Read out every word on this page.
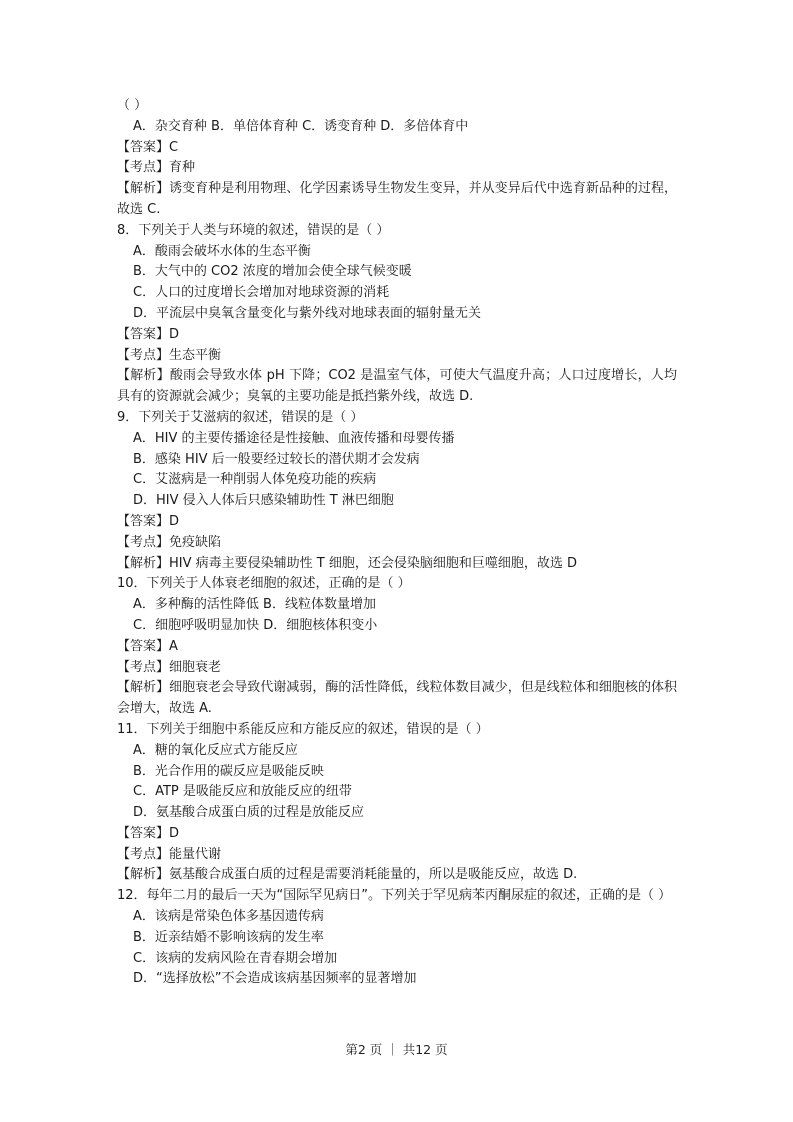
（ ）
A．杂交育种 B．单倍体育种 C．诱变育种 D．多倍体育中
【答案】C
【考点】育种
【解析】诱变育种是利用物理、化学因素诱导生物发生变异，并从变异后代中选育新品种的过程，故选 C.
8．下列关于人类与环境的叙述，错误的是（ ）
A．酸雨会破坏水体的生态平衡
B．大气中的 CO2 浓度的增加会使全球气候变暖
C．人口的过度增长会增加对地球资源的消耗
D．平流层中臭氧含量变化与紫外线对地球表面的辐射量无关
【答案】D
【考点】生态平衡
【解析】酸雨会导致水体 pH 下降；CO2 是温室气体，可使大气温度升高；人口过度增长，人均具有的资源就会减少；臭氧的主要功能是抵挡紫外线，故选 D.
9．下列关于艾滋病的叙述，错误的是（ ）
A．HIV 的主要传播途径是性接触、血液传播和母婴传播
B．感染 HIV 后一般要经过较长的潜伏期才会发病
C．艾滋病是一种削弱人体免疫功能的疾病
D．HIV 侵入人体后只感染辅助性 T 淋巴细胞
【答案】D
【考点】免疫缺陷
【解析】HIV 病毒主要侵染辅助性 T 细胞，还会侵染脑细胞和巨噬细胞，故选 D
10．下列关于人体衰老细胞的叙述，正确的是（ ）
A．多种酶的活性降低 B．线粒体数量增加
C．细胞呼吸明显加快 D．细胞核体积变小
【答案】A
【考点】细胞衰老
【解析】细胞衰老会导致代谢减弱，酶的活性降低，线粒体数目减少，但是线粒体和细胞核的体积会增大，故选 A.
11．下列关于细胞中系能反应和方能反应的叙述，错误的是（ ）
A．糖的氧化反应式方能反应
B．光合作用的碳反应是吸能反映
C．ATP 是吸能反应和放能反应的纽带
D．氨基酸合成蛋白质的过程是放能反应
【答案】D
【考点】能量代谢
【解析】氨基酸合成蛋白质的过程是需要消耗能量的，所以是吸能反应，故选 D.
12．每年二月的最后一天为“国际罕见病日”。下列关于罕见病苯丙酮尿症的叙述，正确的是（ ）
A．该病是常染色体多基因遗传病
B．近亲结婚不影响该病的发生率
C．该病的发病风险在青春期会增加
D．“选择放松”不会造成该病基因频率的显著增加
第2 页 ｜ 共12 页
